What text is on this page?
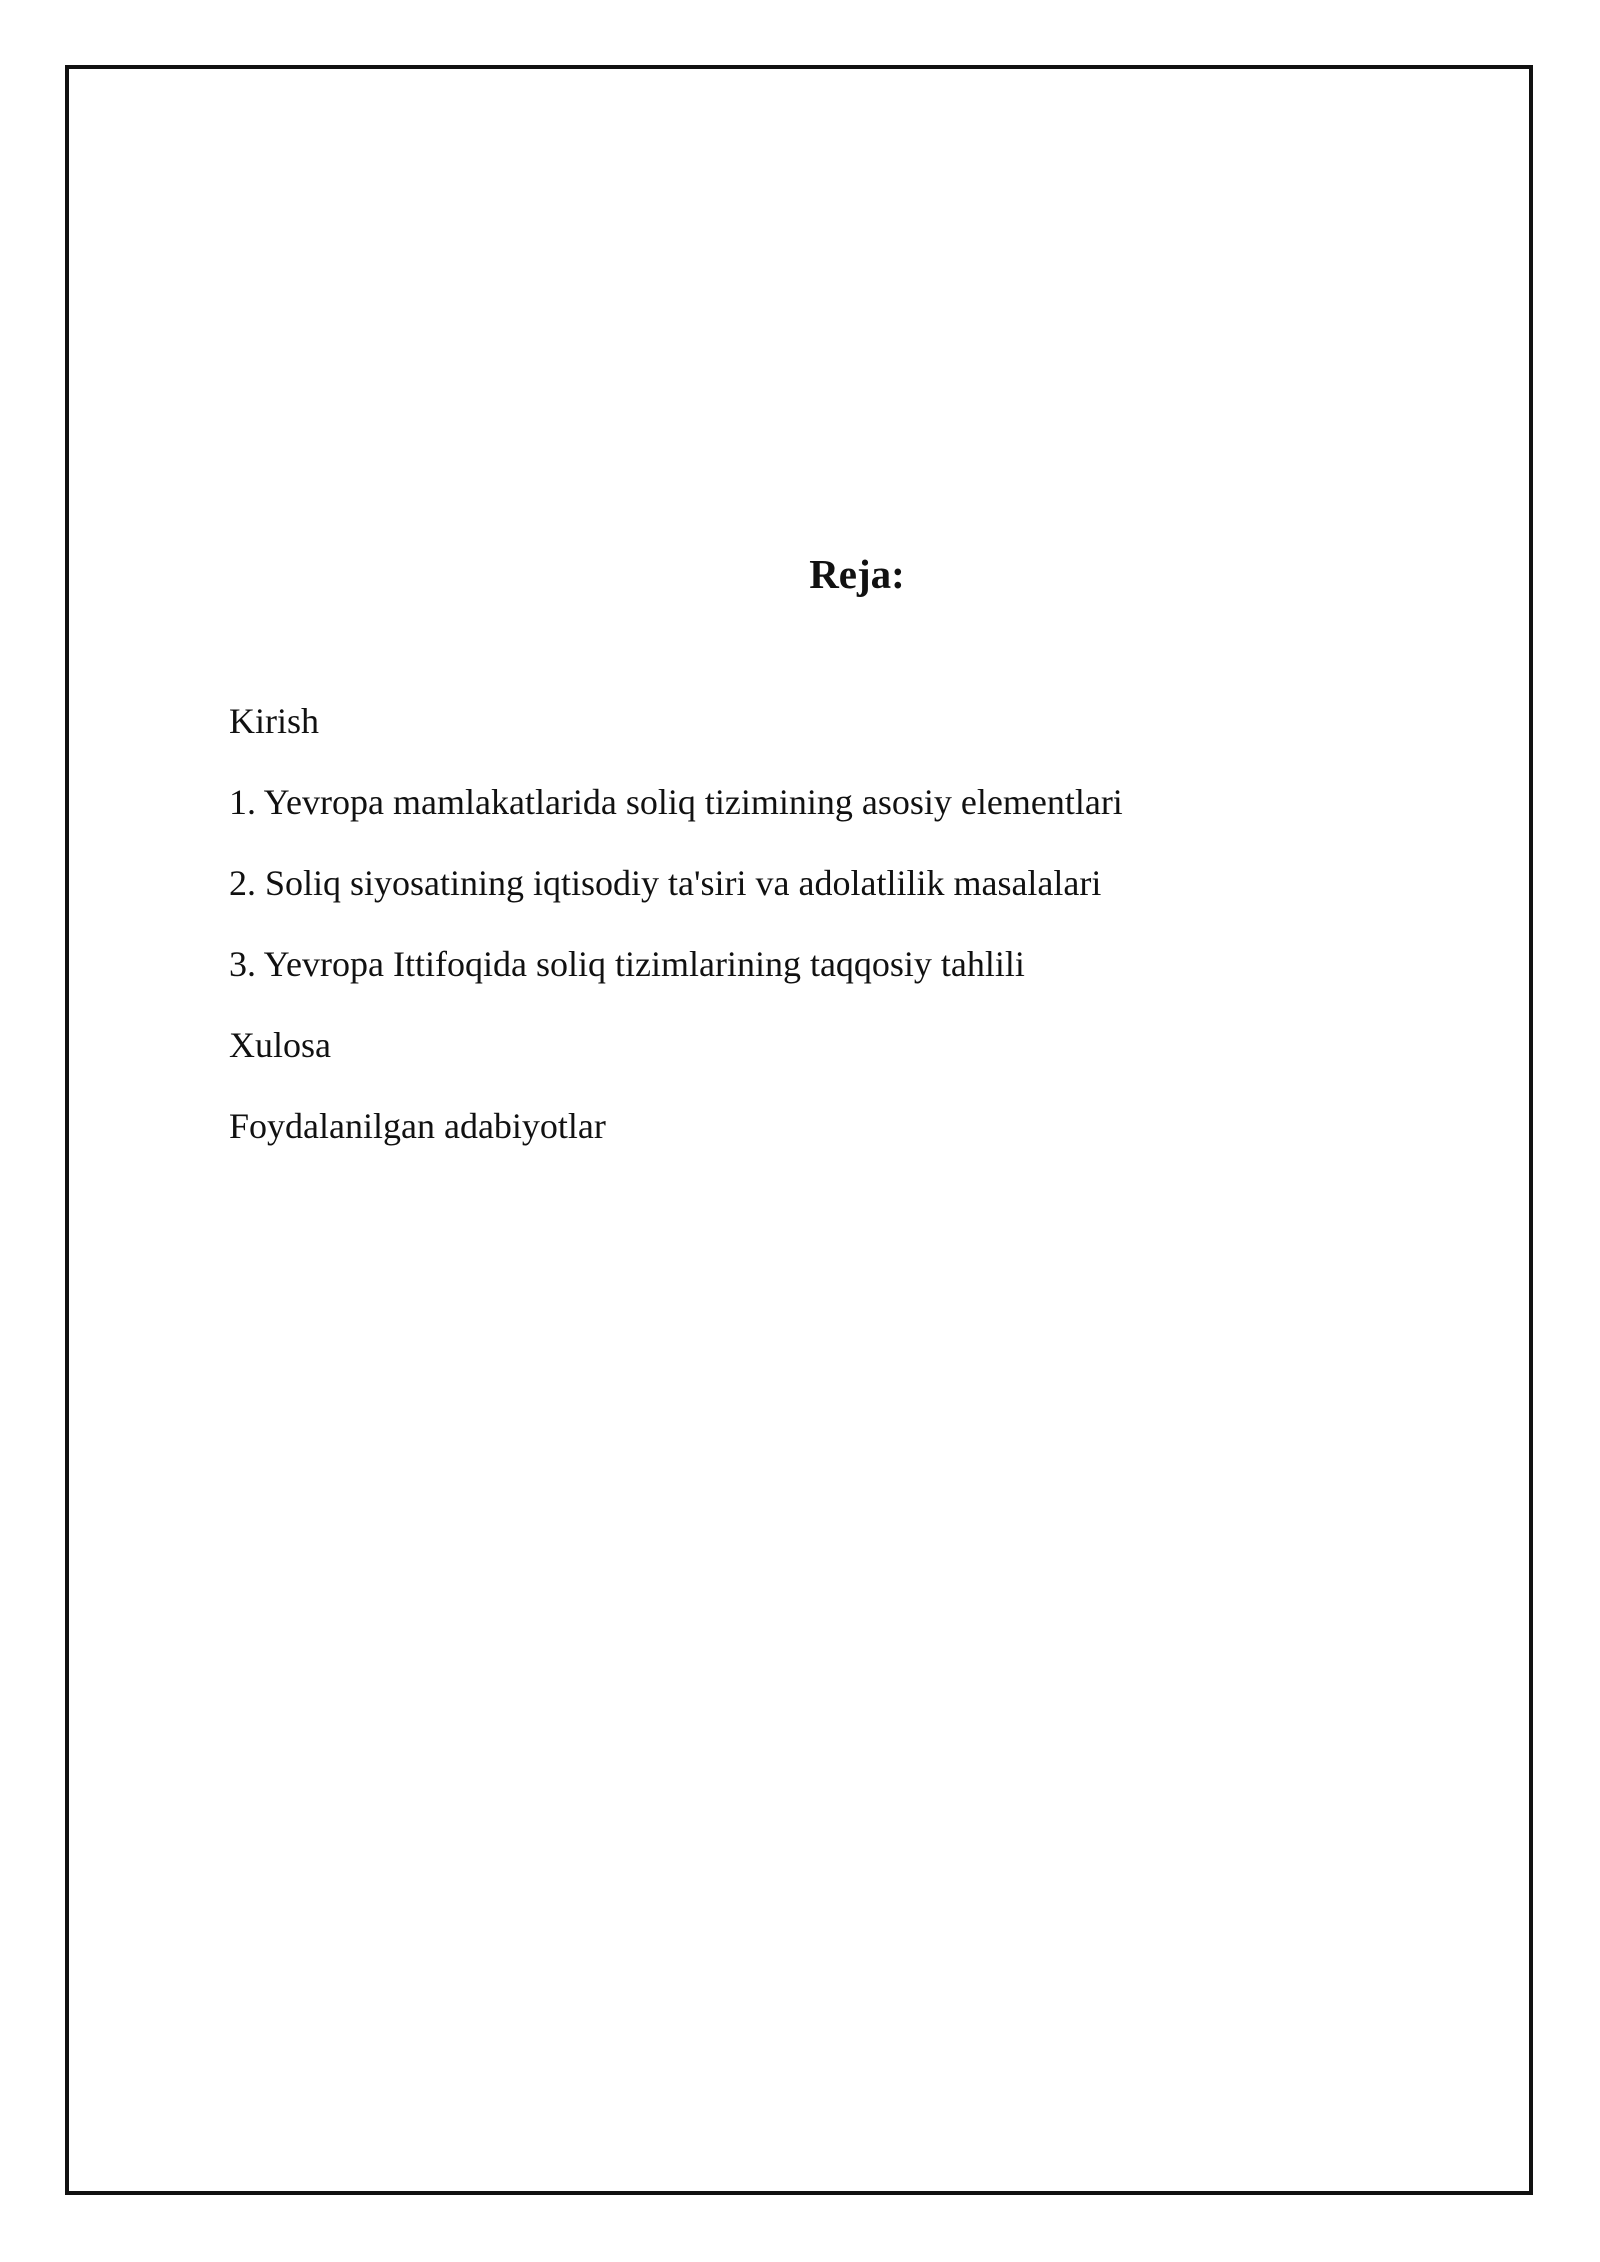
Reja:
Kirish
1. Yevropa mamlakatlarida soliq tizimining asosiy elementlari
2. Soliq siyosatining iqtisodiy ta'siri va adolatlilik masalalari
3. Yevropa Ittifoqida soliq tizimlarining taqqosiy tahlili
Xulosa
Foydalanilgan adabiyotlar
